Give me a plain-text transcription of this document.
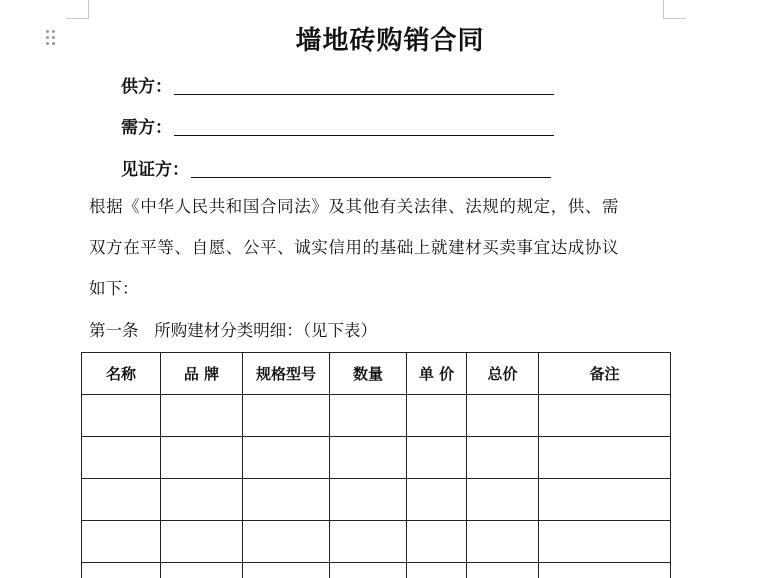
墙地砖购销合同
供方：
需方：
见证方：
根据《中华人民共和国合同法》及其他有关法律、法规的规定，供、需
双方在平等、自愿、公平、诚实信用的基础上就建材买卖事宜达成协议
如下：
第一条   所购建材分类明细：（见下表）
名称	品 牌	规格型号	数量	单 价	总价	备注
